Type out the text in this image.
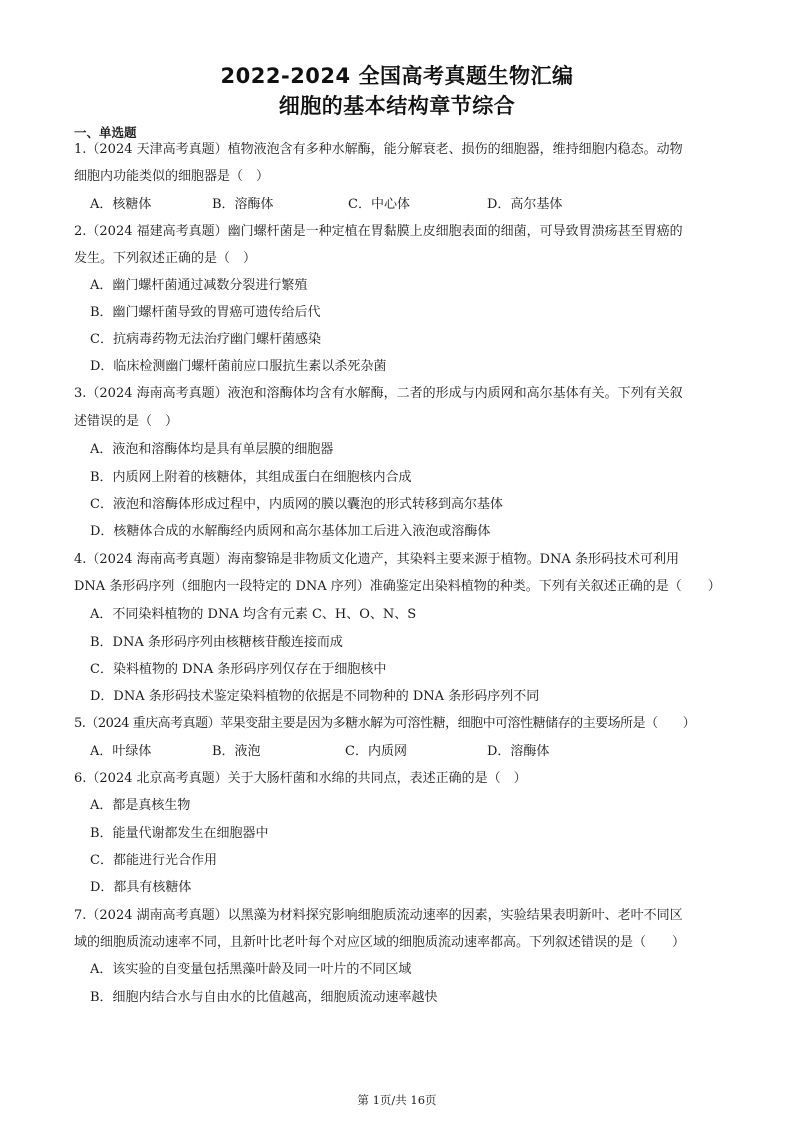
2022-2024 全国高考真题生物汇编
细胞的基本结构章节综合
一、单选题
1.（2024 天津高考真题）植物液泡含有多种水解酶，能分解衰老、损伤的细胞器，维持细胞内稳态。动物
细胞内功能类似的细胞器是（　）
A．核糖体	B．溶酶体	C．中心体	D．高尔基体
2.（2024 福建高考真题）幽门螺杆菌是一种定植在胃黏膜上皮细胞表面的细菌，可导致胃溃疡甚至胃癌的
发生。下列叙述正确的是（　）
A．幽门螺杆菌通过减数分裂进行繁殖
B．幽门螺杆菌导致的胃癌可遗传给后代
C．抗病毒药物无法治疗幽门螺杆菌感染
D．临床检测幽门螺杆菌前应口服抗生素以杀死杂菌
3.（2024 海南高考真题）液泡和溶酶体均含有水解酶，二者的形成与内质网和高尔基体有关。下列有关叙
述错误的是（　）
A．液泡和溶酶体均是具有单层膜的细胞器
B．内质网上附着的核糖体，其组成蛋白在细胞核内合成
C．液泡和溶酶体形成过程中，内质网的膜以囊泡的形式转移到高尔基体
D．核糖体合成的水解酶经内质网和高尔基体加工后进入液泡或溶酶体
4.（2024 海南高考真题）海南黎锦是非物质文化遗产，其染料主要来源于植物。DNA 条形码技术可利用
DNA 条形码序列（细胞内一段特定的 DNA 序列）准确鉴定出染料植物的种类。下列有关叙述正确的是（　　）
A．不同染料植物的 DNA 均含有元素 C、H、O、N、S
B．DNA 条形码序列由核糖核苷酸连接而成
C．染料植物的 DNA 条形码序列仅存在于细胞核中
D．DNA 条形码技术鉴定染料植物的依据是不同物种的 DNA 条形码序列不同
5.（2024 重庆高考真题）苹果变甜主要是因为多糖水解为可溶性糖，细胞中可溶性糖储存的主要场所是（　　）
A．叶绿体	B．液泡	C．内质网	D．溶酶体
6.（2024 北京高考真题）关于大肠杆菌和水绵的共同点，表述正确的是（　）
A．都是真核生物
B．能量代谢都发生在细胞器中
C．都能进行光合作用
D．都具有核糖体
7.（2024 湖南高考真题）以黑藻为材料探究影响细胞质流动速率的因素，实验结果表明新叶、老叶不同区
域的细胞质流动速率不同，且新叶比老叶每个对应区域的细胞质流动速率都高。下列叙述错误的是（　　）
A．该实验的自变量包括黑藻叶龄及同一叶片的不同区域
B．细胞内结合水与自由水的比值越高，细胞质流动速率越快
第 1页/共 16页
